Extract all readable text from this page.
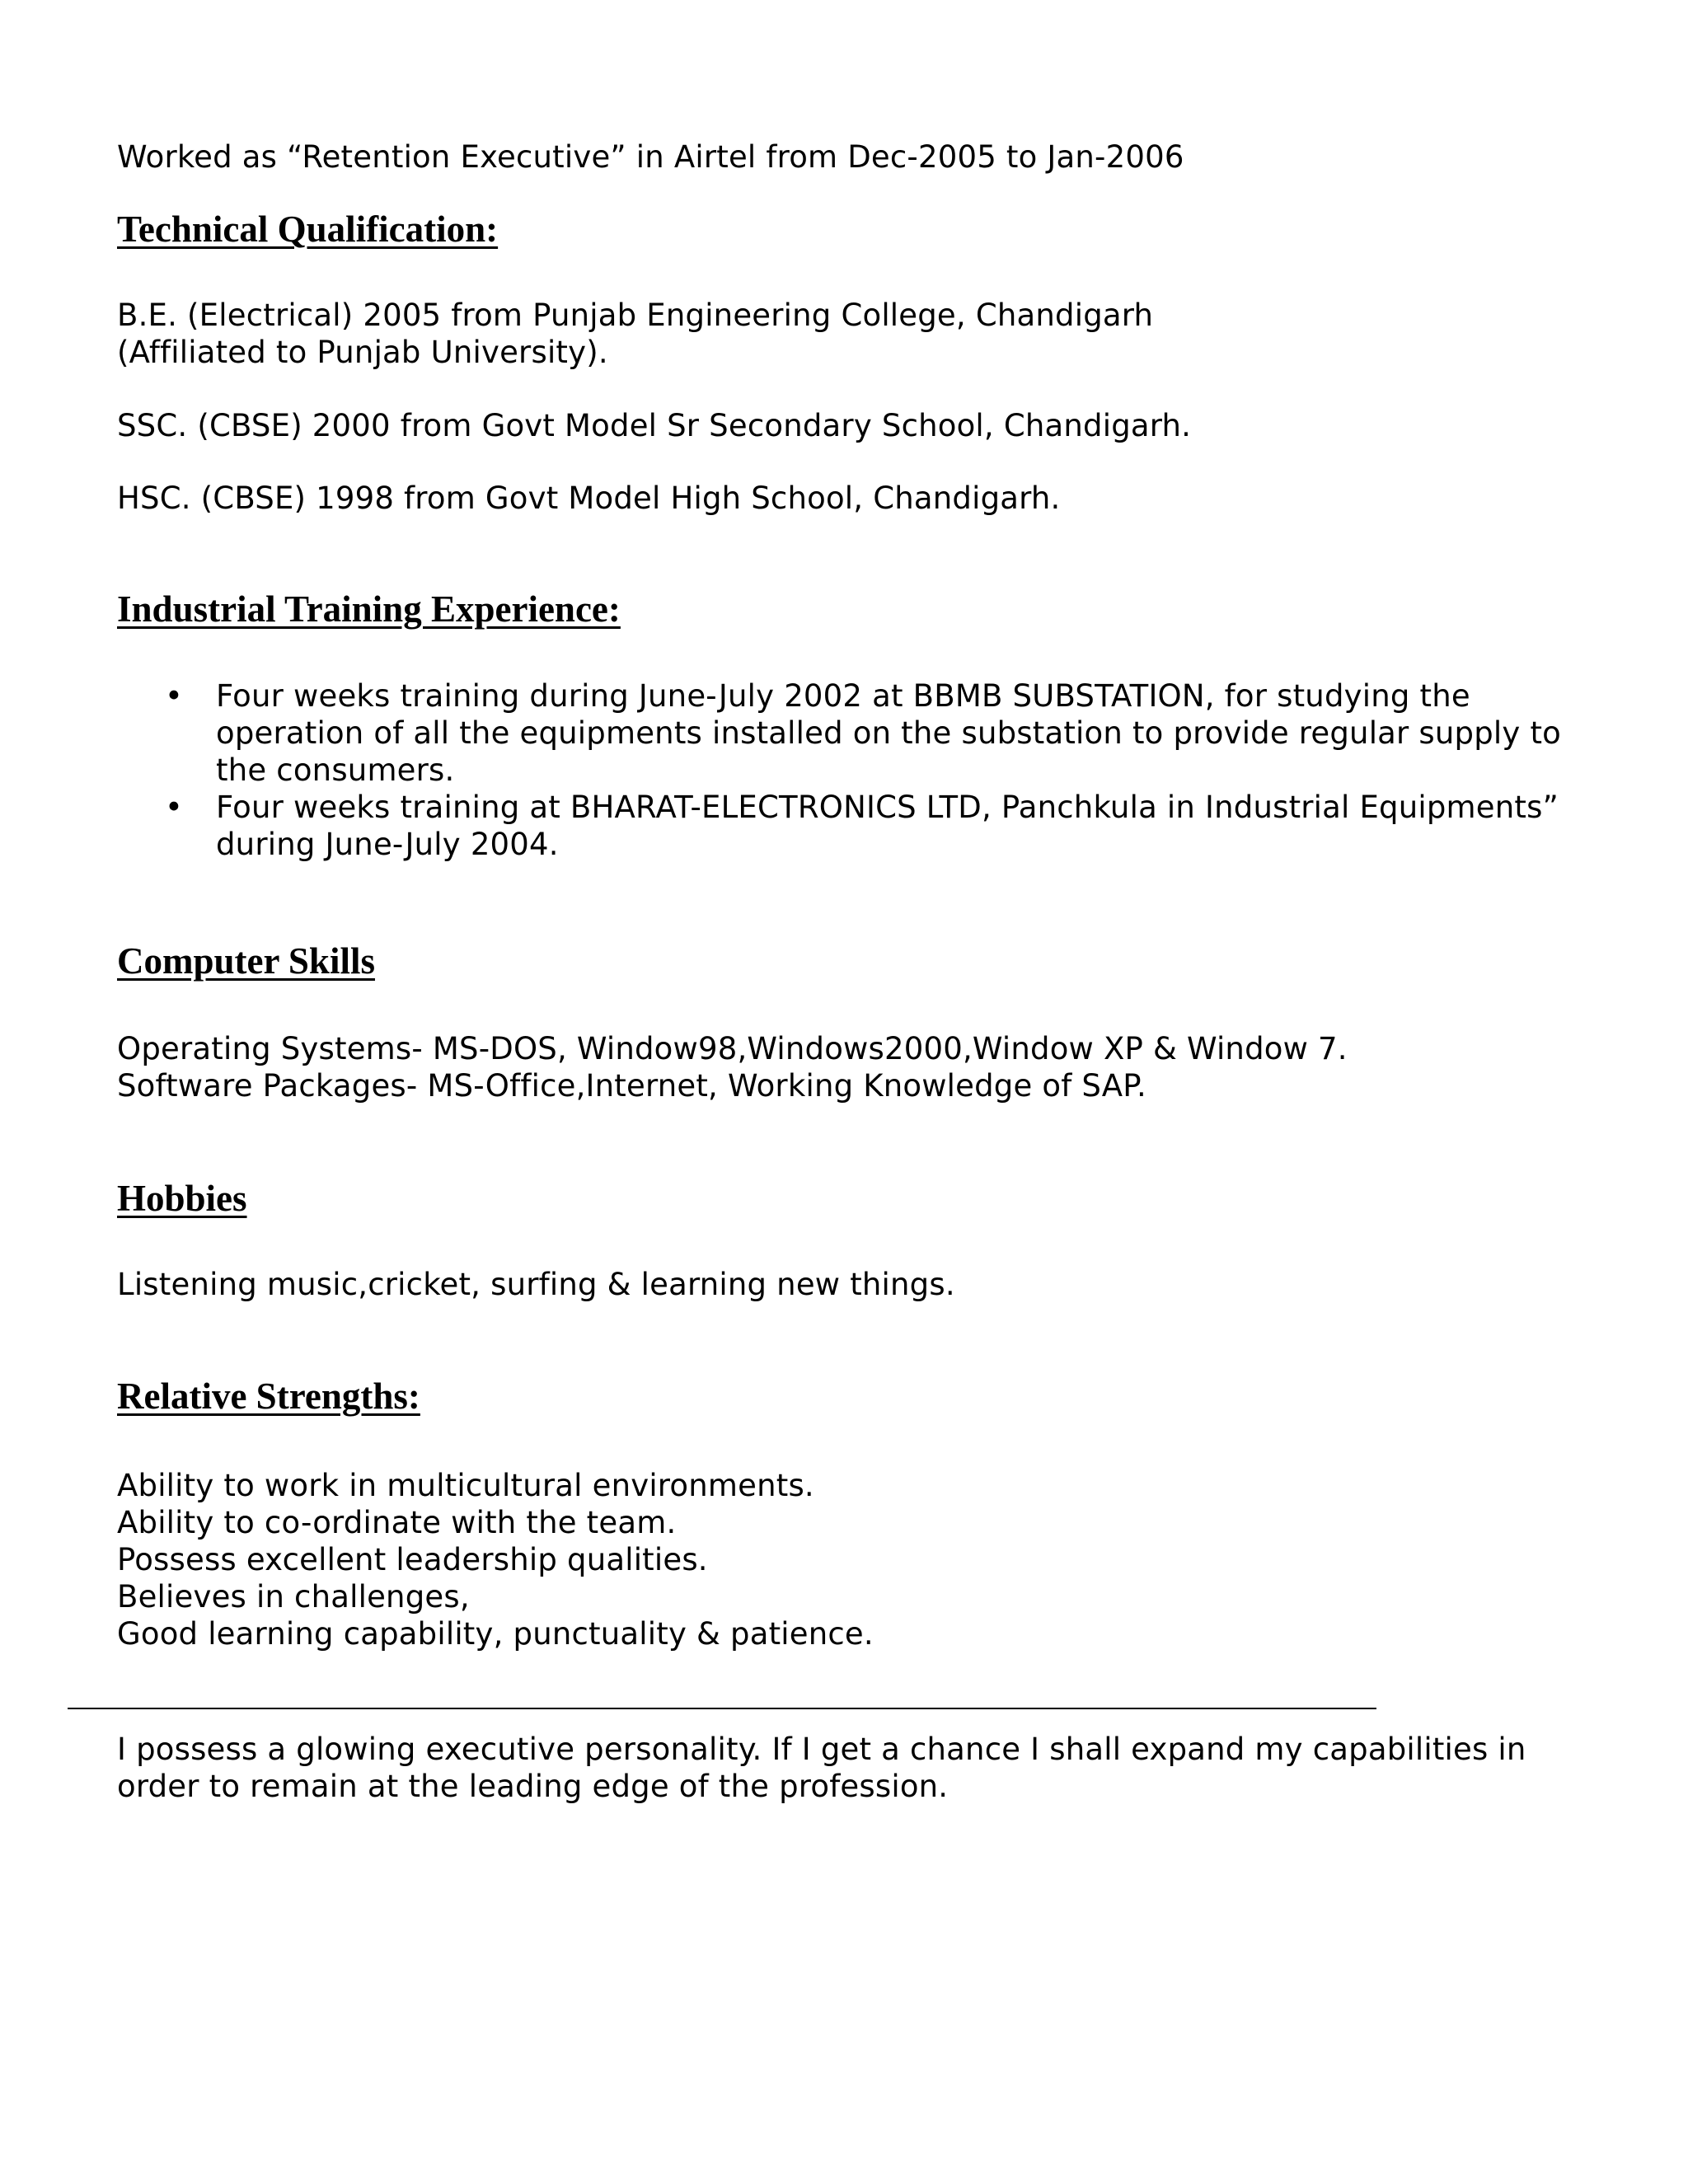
Worked as “Retention Executive” in Airtel from Dec-2005 to Jan-2006
Technical Qualification:
B.E. (Electrical) 2005 from Punjab Engineering College, Chandigarh
(Affiliated to Punjab University).
SSC. (CBSE) 2000 from Govt Model Sr Secondary School, Chandigarh.
HSC. (CBSE) 1998 from Govt Model High School, Chandigarh.
Industrial Training Experience:
• Four weeks training during June-July 2002 at BBMB SUBSTATION, for studying the
operation of all the equipments installed on the substation to provide regular supply to
the consumers.
• Four weeks training at BHARAT-ELECTRONICS LTD, Panchkula in Industrial Equipments”
during June-July 2004.
Computer Skills
Operating Systems- MS-DOS, Window98,Windows2000,Window XP & Window 7.
Software Packages- MS-Office,Internet, Working Knowledge of SAP.
Hobbies
Listening music,cricket, surfing & learning new things.
Relative Strengths:
Ability to work in multicultural environments.
Ability to co-ordinate with the team.
Possess excellent leadership qualities.
Believes in challenges,
Good learning capability, punctuality & patience.
I possess a glowing executive personality. If I get a chance I shall expand my capabilities in
order to remain at the leading edge of the profession.
